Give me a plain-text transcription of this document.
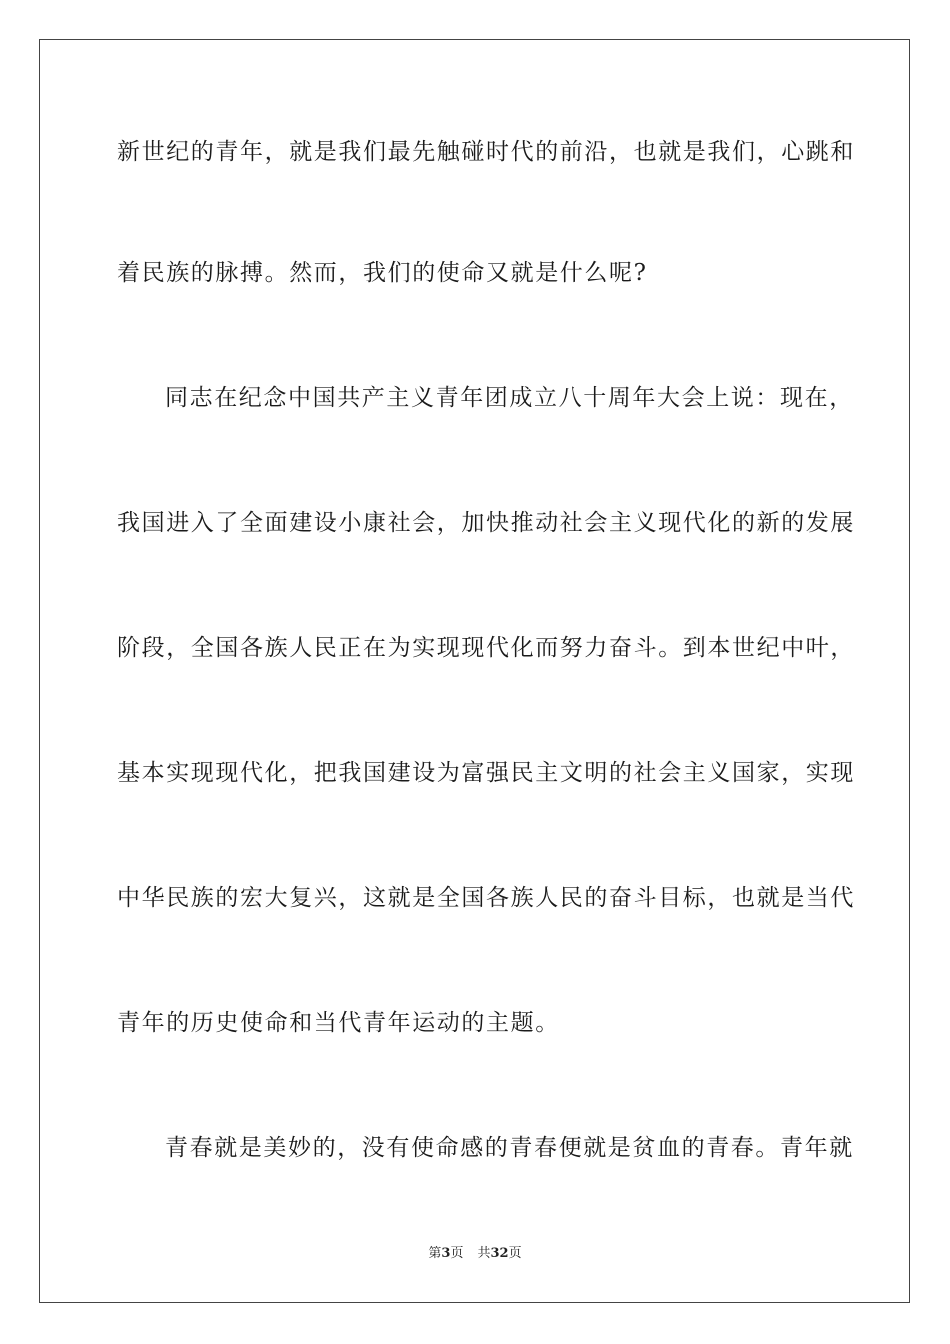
新世纪的青年，就是我们最先触碰时代的前沿，也就是我们，心跳和
着民族的脉搏。然而，我们的使命又就是什么呢?
同志在纪念中国共产主义青年团成立八十周年大会上说：现在，
我国进入了全面建设小康社会，加快推动社会主义现代化的新的发展
阶段，全国各族人民正在为实现现代化而努力奋斗。到本世纪中叶，
基本实现现代化，把我国建设为富强民主文明的社会主义国家，实现
中华民族的宏大复兴，这就是全国各族人民的奋斗目标，也就是当代
青年的历史使命和当代青年运动的主题。
青春就是美妙的，没有使命感的青春便就是贫血的青春。青年就
第3页 共32页
